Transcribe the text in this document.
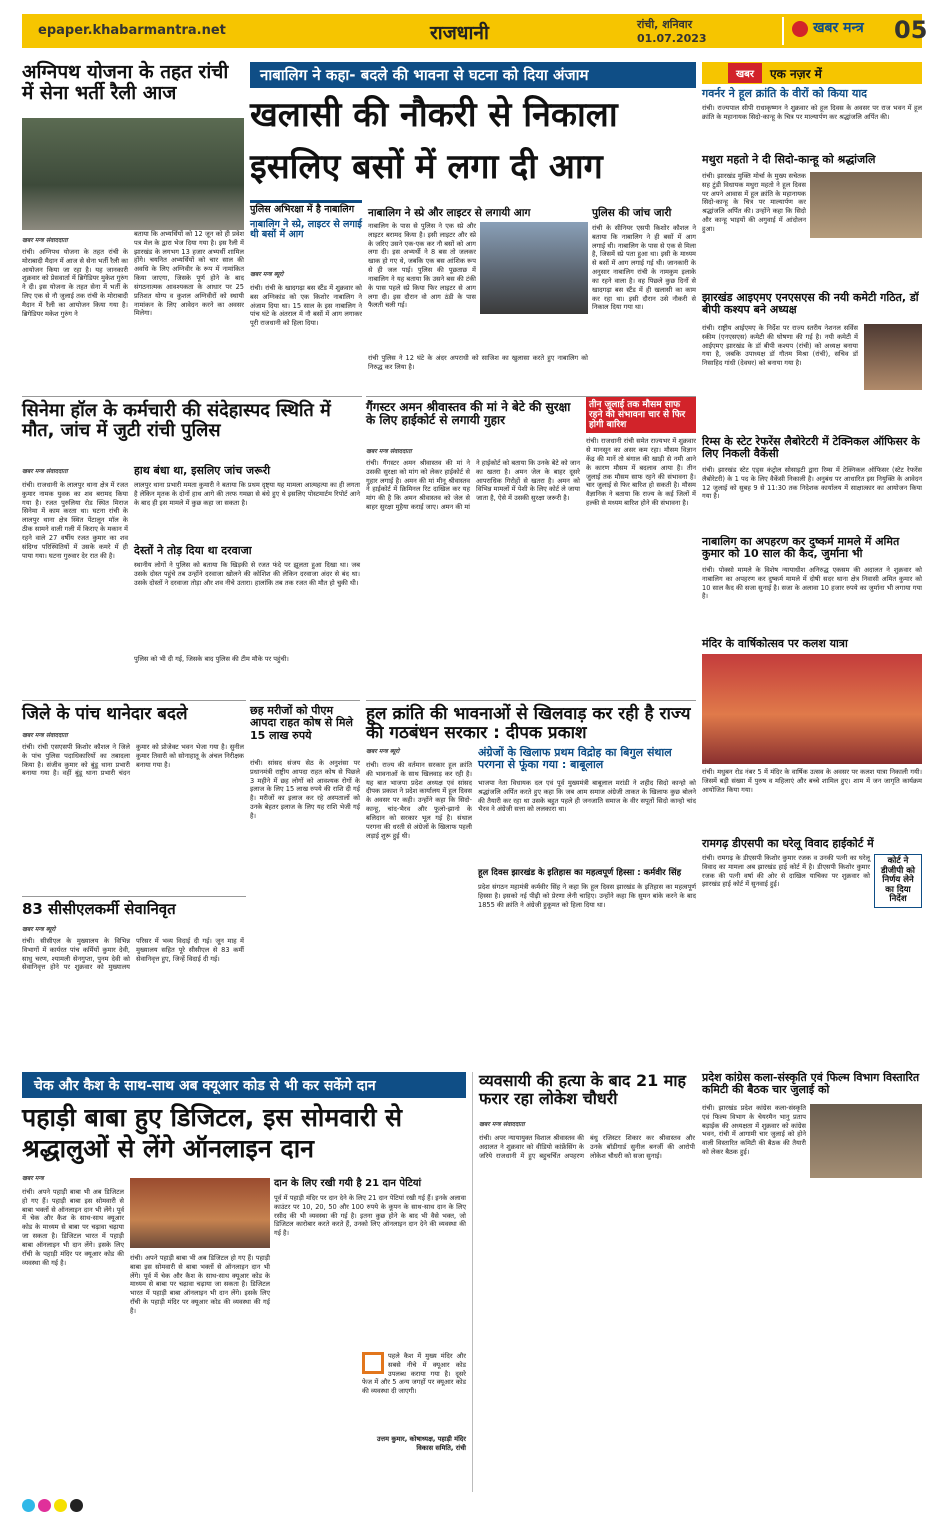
epaper.khabarmantra.net	राजधानी	रांची, शनिवार
01.07.2023
खबर मन्त्र	05
अग्निपथ योजना के तहत रांची में सेना भर्ती रैली आज
खबर मन्त्र संवाददाता
रांची। अग्निपथ योजना के तहत रांची के मोराबादी मैदान में आज से सेना भर्ती रैली का आयोजन किया जा रहा है। यह जानकारी शुक्रवार को प्रेसवार्ता में ब्रिगेडियर मुकेश गुरुंग ने दी। इस योजना के तहत सेना में भर्ती के लिए एक से नौ जुलाई तक रांची के मोराबादी मैदान में रैली का आयोजन किया गया है। ब्रिगेडियर मकेश गुरुंग ने
बताया कि अभ्यर्थियों को 12 जून को ही प्रवेश पत्र मेल के द्वारा भेज दिया गया है। इस रैली में झारखंड के लगभग 13 हजार अभ्यर्थी शामिल होंगे। चयनित अभ्यर्थियों को चार साल की अवधि के लिए अग्निवीर के रूप में नामांकित किया जाएगा, जिसके पूर्ण होने के बाद संगठनात्मक आवश्यकता के आधार पर 25 प्रतिशत योग्य व कुशल अग्निवीरों को स्थायी नामांकन के लिए आवेदन करने का अवसर मिलेगा।
नाबालिग ने कहा- बदले की भावना से घटना को दिया अंजाम
खलासी की नौकरी से निकाला
इसलिए बसों में लगा दी आग
पुलिस अभिरक्षा में है नाबालिग
नाबालिग ने स्प्रे, लाइटर से लगाई थी बसों में आग
खबर मन्त्र ब्यूरो
रांची। रांची के खादगढ़ा बस स्टैंड में शुक्रवार को बस अग्निकांड को एक किशोर नाबालिग ने अंजाम दिया था। 15 साल के इस नाबालिग ने पांच घंटे के अंतराल में नौ बसों में आग लगाकर पूरी राजधानी को हिला दिया।
नाबालिग ने स्प्रे और लाइटर से लगायी आग
नाबालिग के पास से पुलिस ने एक स्प्रे और लाइटर बरामद किया है। इसी लाइटर और स्प्रे के जरिए उसने एक-एक कर नौ बसों को आग लगा दी। इस अभ्यर्थी ने 8 बस तो जलकर खाक हो गए थे, जबकि एक बस आंशिक रूप से ही जल पाई। पुलिस की पूछताछ में नाबालिग ने यह बताया कि उसने बस की टंकी के पास पहले स्प्रे किया फिर लाइटर से आग लगा दी। इस दौरान वो आग ठंडी के पास फैलती चली गई।
रांची पुलिस ने 12 घंटे के अंदर अपराधी को साजिश का खुलासा करते हुए नाबालिग को निरुद्ध कर लिया है।
पुलिस की जांच जारी
रांची के सीनियर एसपी किशोर कौशल ने बताया कि नाबालिग ने ही बसों में आग लगाई थी। नाबालिग के पास से एक से मिला है, जिसमें स्प्रे पता हुआ था। इसी के माध्यम से बसों में आग लगाई गई थी। जानकारी के अनुसार नाबालिग रांची के नामकुम इलाके का रहने वाला है। वह पिछले कुछ दिनों से खादगढ़ा बस स्टैंड में ही खलासी का काम कर रहा था। इसी दौरान उसे नौकरी से निकाल दिया गया था।
सिनेमा हॉल के कर्मचारी की संदेहास्पद स्थिति में मौत, जांच में जुटी रांची पुलिस
खबर मन्त्र संवाददाता
रांची। राजधानी के लालपुर थाना क्षेत्र में रजत कुमार नामक युवक का शव बरामद किया गया है। रजत पुरुलिया रोड स्थित मिराज सिनेमा में काम करता था। घटना रांची के लालपुर थाना क्षेत्र स्थित पेंटालून मॉल के ठीक सामने वाली गली में किराए के मकान में रहने वाले 27 वर्षीय रजत कुमार का शव संदिग्ध परिस्थितियों में उसके कमरे में ही पाया गया। घटना गुरुवार देर रात की है।
हाथ बंधा था, इसलिए जांच जरूरी
लालपुर थाना प्रभारी ममता कुमारी ने बताया कि प्रथम दृष्ट्या यह मामला आत्महत्या का ही लगता है लेकिन मृतक के दोनों हाथ आगे की तरफ गमछा से बंधे हुए थे इसलिए पोस्टमार्टम रिपोर्ट आने के बाद ही इस मामले में कुछ कहा जा सकता है।
देस्तों ने तोड़ दिया था दरवाजा
स्थानीय लोगों ने पुलिस को बताया कि खिड़की से रजत फंदे पर झूलता हुआ दिखा था। जब उसके दोस्त पहुंचे तब उन्होंने दरवाजा खोलने की कोशिश की लेकिन दरवाजा अंदर से बंद था। उसके दोस्तों ने दरवाजा तोड़ा और शव नीचे उतारा। हालांकि तब तक रजत की मौत हो चुकी थी।
पुलिस को भी दी गई, जिसके बाद पुलिस की टीम मौके पर पहुंची।
गैंगस्टर अमन श्रीवास्तव की मां ने बेटे की सुरक्षा के लिए हाईकोर्ट से लगायी गुहार
खबर मन्त्र संवाददाता
रांची। गैंगस्टर अमन श्रीवास्तव की मां ने उसकी सुरक्षा को मांग को लेकर हाईकोर्ट से गुहार लगाई है। अमन की मां मीनू श्रीवास्तव ने हाईकोर्ट में क्रिमिनल रिट दाखिल कर यह मांग की है कि अमन श्रीवास्तव को जेल से बाहर सुरक्षा मुहैया कराई जाए। अमन की मां ने हाईकोर्ट को बताया कि उनके बेटे को जान का खतरा है। अमन जेल के बाहर दूसरे आपराधिक गिरोहों से खतरा है। अमन को विभिन्न मामलों में पेशी के लिए कोर्ट ले जाया जाता है, ऐसे में उसकी सुरक्षा जरूरी है।
तीन जुलाई तक मौसम साफ रहने की संभावना चार से फिर होगी बारिश
रांची। राजधानी रांची समेत राज्यभर में शुक्रवार से मानसून का असर कम रहा। मौसम विज्ञान केंद्र की मानें तो बंगाल की खाड़ी से नमी आने के कारण मौसम में बदलाव आया है। तीन जुलाई तक मौसम साफ रहने की संभावना है। चार जुलाई से फिर बारिश हो सकती है। मौसम वैज्ञानिक ने बताया कि राज्य के कई जिलों में हल्की से मध्यम बारिश होने की संभावना है।
जिले के पांच थानेदार बदले
खबर मन्त्र संवाददाता
रांची। रांची एसएसपी किशोर कौशल ने जिले के पांच पुलिस पदाधिकारियों का तबादला किया है। संजीव कुमार को बुंडू थाना प्रभारी बनाया गया है। वहीं बुंडू थाना प्रभारी चंदन कुमार को प्रोजेक्ट भवन भेजा गया है। सुनील कुमार तिवारी को सोनाहातू के अंचल निरीक्षक बनाया गया है।
छह मरीजों को पीएम आपदा राहत कोष से मिले 15 लाख रुपये
रांची। सांसद संजय सेठ के अनुशंसा पर प्रधानमंत्री राष्ट्रीय आपदा राहत कोष से पिछले 3 महीने में छह लोगों को आवश्यक रोगों के इलाज के लिए 15 लाख रुपये की राशि दी गई है। मरीजों का इलाज कर रहे अस्पतालों को उनके बेहतर इलाज के लिए यह राशि भेजी गई है।
83 सीसीएलकर्मी सेवानिवृत
खबर मन्त्र ब्यूरो
रांची। सीसीएल के मुख्यालय के विभिन्न विभागों में कार्यरत पांच कर्मियों कुमार देवी, साधु चरण, श्यामली सेनगुप्ता, पुनम देवी को सेवानिवृत्त होने पर शुक्रवार को मुख्यालय परिसर में भव्य विदाई दी गई। जून माह में मुख्यालय सहित पूरे सीसीएल से 83 कर्मी सेवानिवृत्त हुए, जिन्हें विदाई दी गई।
हूल क्रांति की भावनाओं से खिलवाड़ कर रही है राज्य की गठबंधन सरकार : दीपक प्रकाश
खबर मन्त्र ब्यूरो
रांची। राज्य की वर्तमान सरकार हूल क्रांति की भावनाओं के साथ खिलवाड़ कर रही है। यह बात भाजपा प्रदेश अध्यक्ष एवं सांसद दीपक प्रकाश ने प्रदेश कार्यालय में हूल दिवस के अवसर पर कही। उन्होंने कहा कि सिदो-कान्हू, चांद-भैरव और फूलो-झानो के बलिदान को सरकार भूल गई है। संथाल परगना की धरती से अंग्रेजों के खिलाफ पहली लड़ाई शुरू हुई थी।
अंग्रेजों के खिलाफ प्रथम विद्रोह का बिगुल संथाल परगना से फूंका गया : बाबूलाल
भाजपा नेता विधायक दल एवं पूर्व मुख्यमंत्री बाबूलाल मरांडी ने शहीद सिदो कान्हो को श्रद्धांजलि अर्पित करते हुए कहा कि जब आम समाज अंग्रेजी ताकत के खिलाफ कुछ बोलने की तैयारी कर रहा था उसके बहुत पहले ही जनजाति समाज के वीर सपूतों सिदो कान्हो चांद भैरव ने अंग्रेजी सत्ता को ललकारा था।
हूल दिवस झारखंड के इतिहास का महत्वपूर्ण हिस्सा : कर्मवीर सिंह
प्रदेश संगठन महामंत्री कर्मवीर सिंह ने कहा कि हूल दिवस झारखंड के इतिहास का महत्वपूर्ण हिस्सा है। इसको नई पीढ़ी को प्रेरणा लेनी चाहिए। उन्होंने कहा कि सुमन बांके करने के बाद 1855 की क्रांति ने अंग्रेजी हुकूमत को हिला दिया था।
चेक और कैश के साथ-साथ अब क्यूआर कोड से भी कर सकेंगे दान
पहाड़ी बाबा हुए डिजिटल, इस सोमवारी से श्रद्धालुओं से लेंगे ऑनलाइन दान
खबर मन्त्र
रांची। अपने पहाड़ी बाबा भी अब डिजिटल हो गए हैं। पहाड़ी बाबा इस सोमवारी से बाबा भक्तों से ऑनलाइन दान भी लेंगे। पूर्व में चेक और कैश के साथ-साथ क्यूआर कोड के माध्यम से बाबा पर चढ़ावा चढ़ाया जा सकता है। डिजिटल भारत में पहाड़ी बाबा ऑनलाइन भी दान लेंगे। इसके लिए राँची के पहाड़ी मंदिर पर क्यूआर कोड की व्यवस्था की गई है।
दान के लिए रखी गयी है 21 दान पेटियां
पूर्व में पहाड़ी मंदिर पर दान देने के लिए 21 दान पेटियां रखी गई हैं। इनके अलावा काउंटर पर 10, 20, 50 और 100 रुपये के कूपन के साथ-साथ दान के लिए रसीद की भी व्यवस्था की गई है। इतना कुछ होने के बाद भी वैसे भक्त, जो डिजिटल कारोबार करते करते हैं, उनको लिए ऑनलाइन दान देने की व्यवस्था की गई है।
रांची। अपने पहाड़ी बाबा भी अब डिजिटल हो गए हैं। पहाड़ी बाबा इस सोमवारी से बाबा भक्तों से ऑनलाइन दान भी लेंगे। पूर्व में चेक और कैश के साथ-साथ क्यूआर कोड के माध्यम से बाबा पर चढ़ावा चढ़ाया जा सकता है। डिजिटल भारत में पहाड़ी बाबा ऑनलाइन भी दान लेंगे। इसके लिए राँची के पहाड़ी मंदिर पर क्यूआर कोड की व्यवस्था की गई है।
पहले कैश में मुख्य मंदिर और सबसे नीचे में क्यूआर कोड उपलब्ध कराया गया है। दूसरे फेज में और 5 अन्य जगहों पर क्यूआर कोड की व्यवस्था दी जाएगी।
उत्तम कुमार, कोषाध्यक्ष, पहाड़ी मंदिर विकास समिति, रांची
व्यवसायी की हत्या के बाद 21 माह फरार रहा लोकेश चौधरी
खबर मन्त्र संवाददाता
रांची। अपर न्यायायुक्त विशाल श्रीवास्तव की अदालत ने शुक्रवार को वीडियो कांफ्रेंसिंग के जरिये राजधानी में हुए बहुचर्चित अपहरण बंधु रजिस्टर शिकार कर श्रीवास्तव और उनके बॉडीगार्ड सुनील बनर्जी की आरोपी लोकेश चौधरी को सजा सुनाई।
खबर	एक नज़र में
गवर्नर ने हूल क्रांति के वीरों को किया याद
रांची। राज्यपाल सीपी राधाकृष्णन ने शुक्रवार को हूल दिवस के अवसर पर राज भवन में हूल क्रांति के महानायक सिदो-कान्हू के चित्र पर माल्यार्पण कर श्रद्धांजलि अर्पित की।
मथुरा महतो ने दी सिदो-कान्हू को श्रद्धांजलि
रांची। झारखंड मुक्ति मोर्चा के मुख्य सचेतक सह टुंडी विधायक मथुरा महतो ने हूल दिवस पर अपने आवास में हूल क्रांति के महानायक सिदो-कान्हू के चित्र पर माल्यार्पण कर श्रद्धांजलि अर्पित की। उन्होंने कहा कि सिदो और कान्हू भाइयों की अगुवाई में आंदोलन हुआ।
झारखंड आइएमए एनएसएस की नयी कमेटी गठित, डॉ बीपी कश्यप बने अध्यक्ष
रांची। राष्ट्रीय आईएमए के निर्देश पर राज्य स्तरीय नेशनल सर्विस स्कीम (एनएसएस) कमेटी की घोषणा की गई है। नयी कमेटी में आईएमए झारखंड के डॉ बीपी कश्यप (रांची) को अध्यक्ष बनाया गया है, जबकि उपाध्यक्ष डॉ गौतम मिश्रा (रांची), सचिव डॉ निसाहिद गांधी (देवघर) को बनाया गया है।
रिम्स के स्टेट रेफरेंस लैबोरेटरी में टेक्निकल ऑफिसर के लिए निकली वैकेंसी
रांची। झारखंड स्टेट एड्स कंट्रोल सोसाइटी द्वारा रिम्स में टेक्निकल ऑफिसर (स्टेट रेफरेंस लैबोरेटरी) के 1 पद के लिए वैकेंसी निकाली है। अनुबंध पर आधारित इस नियुक्ति के आवेदन 12 जुलाई को सुबह 9 से 11:30 तक निदेशक कार्यालय में साक्षात्कार का आयोजन किया गया है।
नाबालिग का अपहरण कर दुष्कर्म मामले में अमित कुमार को 10 साल की कैद, जुर्माना भी
रांची। पोक्सो मामले के विशेष न्यायाधीश अनिरुद्ध एकसम की अदालत ने शुक्रवार को नाबालिग का अपहरण कर दुष्कर्म मामले में दोषी सदर थाना क्षेत्र निवासी अमित कुमार को 10 साल कैद की सजा सुनाई है। सजा के अलावा 10 हजार रुपये का जुर्माना भी लगाया गया है।
मंदिर के वार्षिकोत्सव पर कलश यात्रा
रांची। मधुबन रोड नंबर 5 में मंदिर के वार्षिक उत्सव के अवसर पर कलश यात्रा निकाली गयी। जिसमें बड़ी संख्या में पुरुष व महिलाएं और बच्चे शामिल हुए। शाम में जन जागृति कार्यक्रम आयोजित किया गया।
रामगढ़ डीएसपी का घरेलू विवाद हाईकोर्ट में
रांची। रामगढ़ के डीएसपी किशोर कुमार रजक व उनकी पत्नी का घरेलू विवाद का मामला अब झारखंड हाई कोर्ट में है। डीएसपी किशोर कुमार रजक की पत्नी वर्षा की ओर से दाखिल याचिका पर शुक्रवार को झारखंड हाई कोर्ट में सुनवाई हुई।
कोर्ट ने डीजीपी को निर्णय लेने का दिया निर्देश
प्रदेश कांग्रेस कला-संस्कृति एवं फिल्म विभाग विस्तारित कमिटी की बैठक चार जुलाई को
रांची। झारखंड प्रदेश कांग्रेस कला-संस्कृति एवं फिल्म विभाग के चेयरमैन भानु प्रताप बड़ाईक की अध्यक्षता में शुक्रवार को कांग्रेस भवन, रांची में आगामी चार जुलाई को होने वाली विस्तारित कमिटी की बैठक की तैयारी को लेकर बैठक हुई।
